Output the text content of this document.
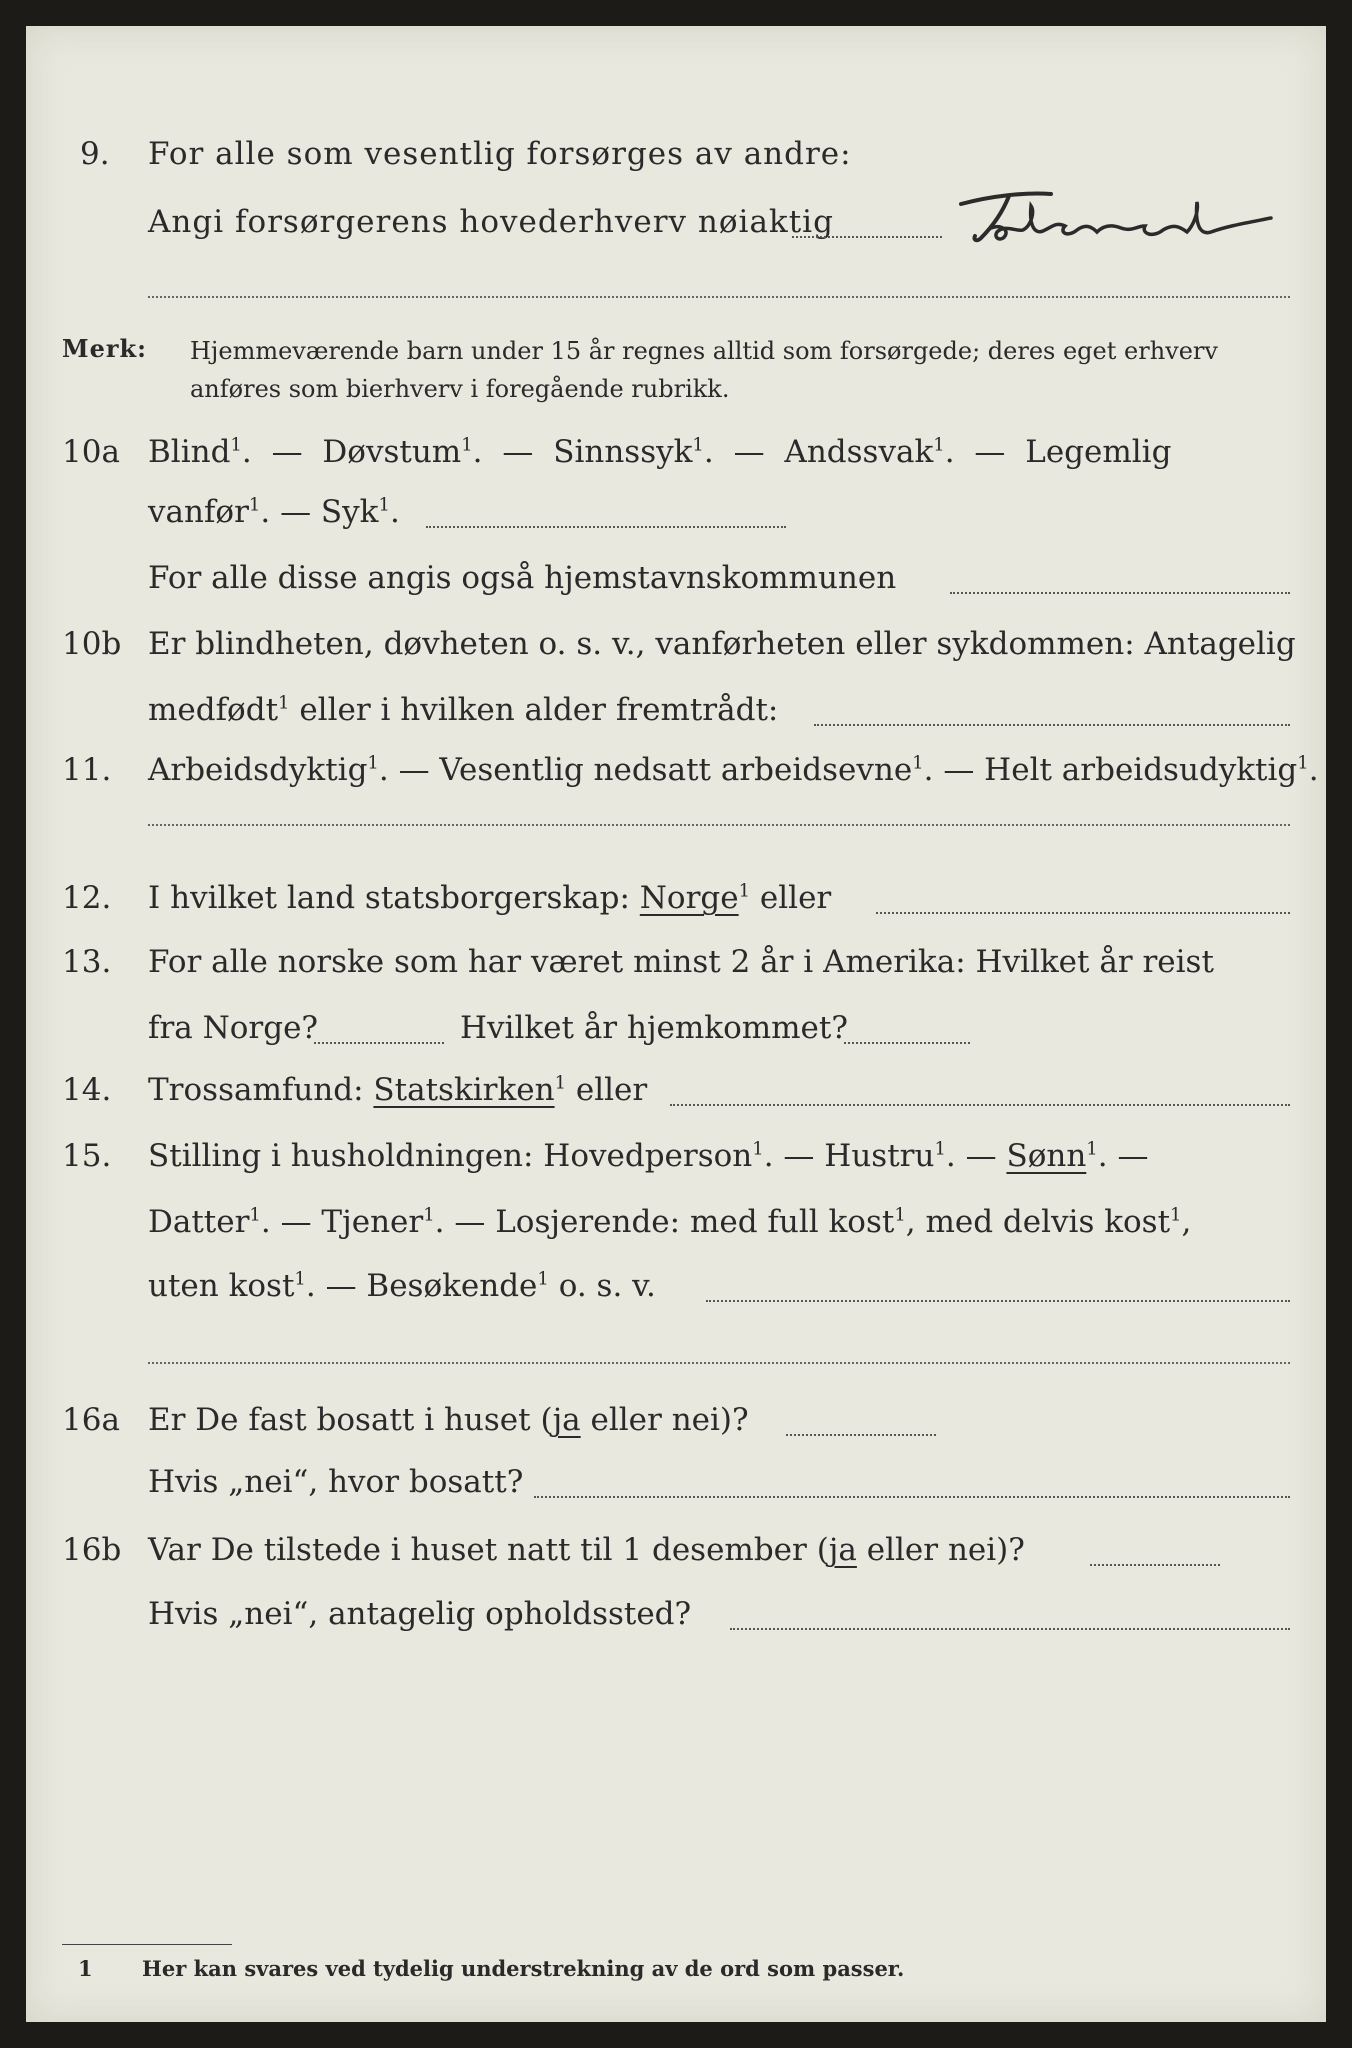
9. For alle som vesentlig forsørges av andre:
Angi forsørgerens hovederhverv nøiaktig
Føderaad
Merk: Hjemmeværende barn under 15 år regnes alltid som forsørgede; deres eget erhverv
anføres som bierhverv i foregående rubrikk.
10a Blind$^1$. — Døvstum$^1$. — Sinnssyk$^1$. — Andssvak$^1$. — Legemlig
vanfør$^1$. — Syk$^1$.
For alle disse angis også hjemstavnskommunen
10b Er blindheten, døvheten o. s. v., vanførheten eller sykdommen: Antagelig
medfødt$^1$ eller i hvilken alder fremtrådt:
11. Arbeidsdyktig$^1$. — Vesentlig nedsatt arbeidsevne$^1$. — Helt arbeidsudyktig$^1$.
12. I hvilket land statsborgerskap: Norge$^1$ eller
13. For alle norske som har været minst 2 år i Amerika: Hvilket år reist
fra Norge?	Hvilket år hjemkommet?
14. Trossamfund: Statskirken$^1$ eller
15. Stilling i husholdningen: Hovedperson$^1$. — Hustru$^1$. — Sønn$^1$. —
Datter$^1$. — Tjener$^1$. — Losjerende: med full kost$^1$, med delvis kost$^1$,
uten kost$^1$. — Besøkende$^1$ o. s. v.
16a Er De fast bosatt i huset (ja eller nei)?
Hvis „nei“, hvor bosatt?
16b Var De tilstede i huset natt til 1 desember (ja eller nei)?
Hvis „nei“, antagelig opholdssted?
1 Her kan svares ved tydelig understrekning av de ord som passer.
